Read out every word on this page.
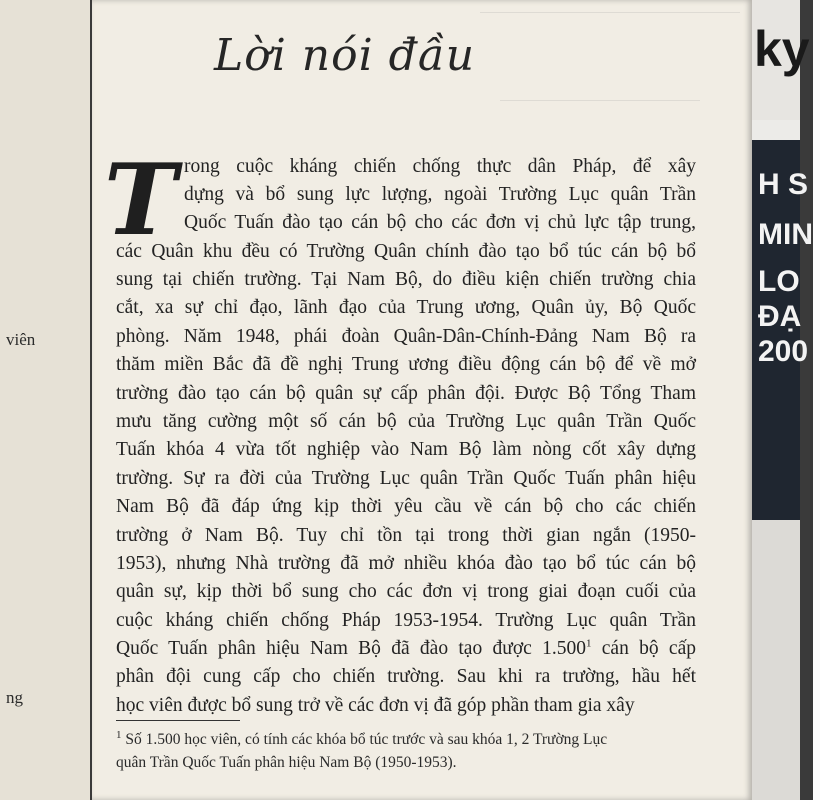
viên
ng
Lời nói đầu
T rong cuộc kháng chiến chống thực dân Pháp, để xây
dựng và bổ sung lực lượng, ngoài Trường Lục quân Trần
Quốc Tuấn đào tạo cán bộ cho các đơn vị chủ lực tập trung,
các Quân khu đều có Trường Quân chính đào tạo bổ túc cán bộ bổ
sung tại chiến trường. Tại Nam Bộ, do điều kiện chiến trường chia
cắt, xa sự chỉ đạo, lãnh đạo của Trung ương, Quân ủy, Bộ Quốc
phòng. Năm 1948, phái đoàn Quân-Dân-Chính-Đảng Nam Bộ ra
thăm miền Bắc đã đề nghị Trung ương điều động cán bộ để về mở
trường đào tạo cán bộ quân sự cấp phân đội. Được Bộ Tổng Tham
mưu tăng cường một số cán bộ của Trường Lục quân Trần Quốc
Tuấn khóa 4 vừa tốt nghiệp vào Nam Bộ làm nòng cốt xây dựng
trường. Sự ra đời của Trường Lục quân Trần Quốc Tuấn phân hiệu
Nam Bộ đã đáp ứng kịp thời yêu cầu về cán bộ cho các chiến
trường ở Nam Bộ. Tuy chỉ tồn tại trong thời gian ngắn (1950-
1953), nhưng Nhà trường đã mở nhiều khóa đào tạo bổ túc cán bộ
quân sự, kịp thời bổ sung cho các đơn vị trong giai đoạn cuối của
cuộc kháng chiến chống Pháp 1953-1954. Trường Lục quân Trần
Quốc Tuấn phân hiệu Nam Bộ đã đào tạo được 1.500$^1$ cán bộ cấp
phân đội cung cấp cho chiến trường. Sau khi ra trường, hầu hết
học viên được bổ sung trở về các đơn vị đã góp phần tham gia xây
$^1$ Số 1.500 học viên, có tính các khóa bổ túc trước và sau khóa 1, 2 Trường Lục
quân Trần Quốc Tuấn phân hiệu Nam Bộ (1950-1953).
ky
H S
MIN
LO
ĐẠ
200
